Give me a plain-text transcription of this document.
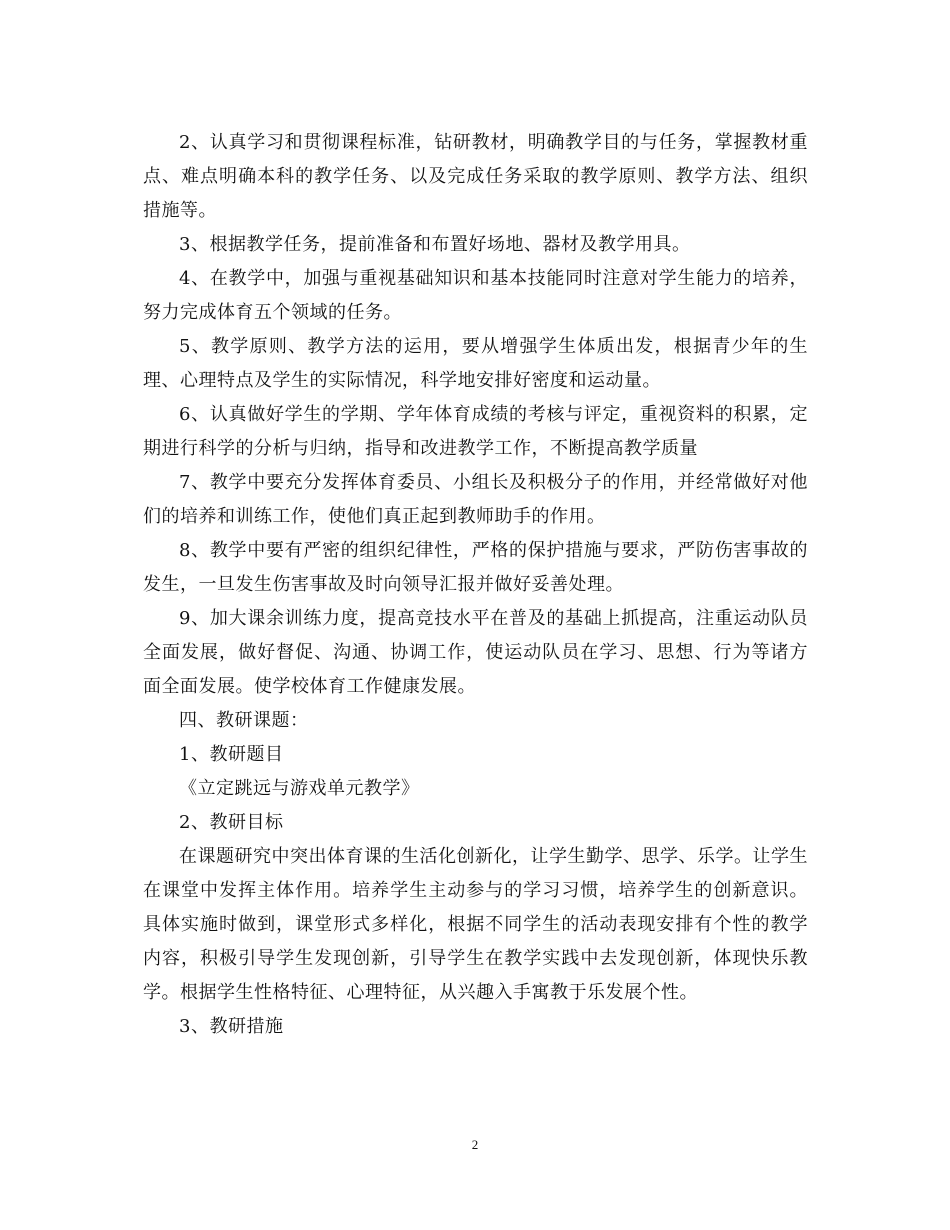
2、认真学习和贯彻课程标准，钻研教材，明确教学目的与任务，掌握教材重点、难点明确本科的教学任务、以及完成任务采取的教学原则、教学方法、组织措施等。

3、根据教学任务，提前准备和布置好场地、器材及教学用具。

4、在教学中，加强与重视基础知识和基本技能同时注意对学生能力的培养，努力完成体育五个领域的任务。

5、教学原则、教学方法的运用，要从增强学生体质出发，根据青少年的生理、心理特点及学生的实际情况，科学地安排好密度和运动量。

6、认真做好学生的学期、学年体育成绩的考核与评定，重视资料的积累，定期进行科学的分析与归纳，指导和改进教学工作，不断提高教学质量

7、教学中要充分发挥体育委员、小组长及积极分子的作用，并经常做好对他们的培养和训练工作，使他们真正起到教师助手的作用。

8、教学中要有严密的组织纪律性，严格的保护措施与要求，严防伤害事故的发生，一旦发生伤害事故及时向领导汇报并做好妥善处理。

9、加大课余训练力度，提高竞技水平在普及的基础上抓提高，注重运动队员全面发展，做好督促、沟通、协调工作，使运动队员在学习、思想、行为等诸方面全面发展。使学校体育工作健康发展。

四、教研课题：

1、教研题目

《立定跳远与游戏单元教学》

2、教研目标

在课题研究中突出体育课的生活化创新化，让学生勤学、思学、乐学。让学生在课堂中发挥主体作用。培养学生主动参与的学习习惯，培养学生的创新意识。具体实施时做到，课堂形式多样化，根据不同学生的活动表现安排有个性的教学内容，积极引导学生发现创新，引导学生在教学实践中去发现创新，体现快乐教学。根据学生性格特征、心理特征，从兴趣入手寓教于乐发展个性。

3、教研措施

2
